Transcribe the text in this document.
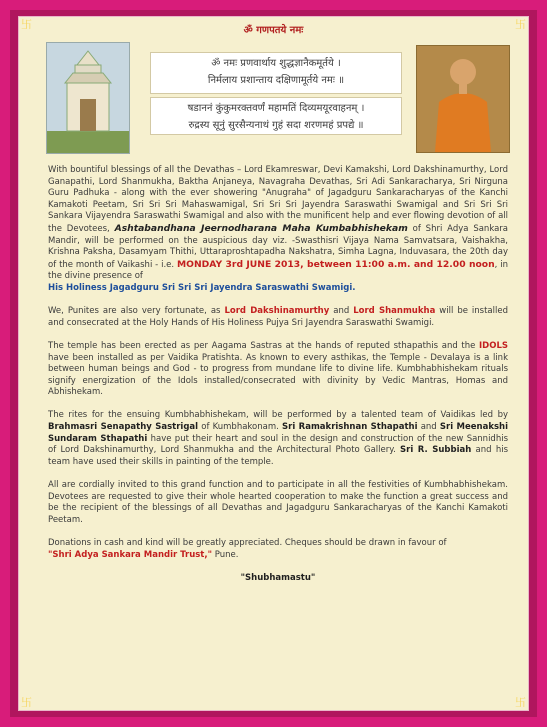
卐	卐
卐	卐
ॐ गणपतये नमः
ॐ नमः प्रणवार्थाय शुद्धज्ञानैकमूर्तये ।
निर्मलाय प्रशान्ताय दक्षिणामूर्तये नमः ॥
षडाननं कुंकुमरक्तवर्णं महामतिं दिव्यमयूरवाहनम् ।
रुद्रस्य सूनुं सुरसैन्यनाथं गुहं सदा शरणमहं प्रपद्ये ॥

With bountiful blessings of all the Devathas – Lord Ekamreswar, Devi Kamakshi, Lord Dakshinamurthy, Lord Ganapathi, Lord Shanmukha, Baktha Anjaneya, Navagraha Devathas, Sri Adi Sankaracharya, Sri Nirguna Guru Padhuka - along with the ever showering "Anugraha" of Jagadguru Sankaracharyas of the Kanchi Kamakoti Peetam, Sri Sri Sri Mahaswamigal, Sri Sri Sri Jayendra Saraswathi Swamigal and Sri Sri Sri Sankara Vijayendra Saraswathi Swamigal and also with the munificent help and ever flowing devotion of all the Devotees, Ashtabandhana Jeernodharana Maha Kumbabhishekam of Shri Adya Sankara Mandir, will be performed on the auspicious day viz. -Swasthisri Vijaya Nama Samvatsara, Vaishakha, Krishna Paksha, Dasamyam Thithi, Uttaraproshtapadha Nakshatra, Simha Lagna, Induvasara, the 20th day of the month of Vaikashi - i.e. MONDAY 3rd JUNE 2013, between 11:00 a.m. and 12.00 noon, in the divine presence of
His Holiness Jagadguru Sri Sri Sri Jayendra Saraswathi Swamigi.

We, Punites are also very fortunate, as Lord Dakshinamurthy and Lord Shanmukha will be installed and consecrated at the Holy Hands of His Holiness Pujya Sri Jayendra Saraswathi Swamigi.

The temple has been erected as per Aagama Sastras at the hands of reputed sthapathis and the IDOLS have been installed as per Vaidika Pratishta. As known to every asthikas, the Temple - Devalaya is a link between human beings and God - to progress from mundane life to divine life. Kumbhabhishekam rituals signify energization of the Idols installed/consecrated with divinity by Vedic Mantras, Homas and Abhishekam.

The rites for the ensuing Kumbhabhishekam, will be performed by a talented team of Vaidikas led by Brahmasri Senapathy Sastrigal of Kumbhakonam. Sri Ramakrishnan Sthapathi and Sri Meenakshi Sundaram Sthapathi have put their heart and soul in the design and construction of the new Sannidhis of Lord Dakshinamurthy, Lord Shanmukha and the Architectural Photo Gallery. Sri R. Subbiah and his team have used their skills in painting of the temple.

All are cordially invited to this grand function and to participate in all the festivities of Kumbhabhishekam. Devotees are requested to give their whole hearted cooperation to make the function a great success and be the recipient of the blessings of all Devathas and Jagadguru Sankaracharyas of the Kanchi Kamakoti Peetam.

Donations in cash and kind will be greatly appreciated. Cheques should be drawn in favour of
"Shri Adya Sankara Mandir Trust," Pune.

"Shubhamastu"
